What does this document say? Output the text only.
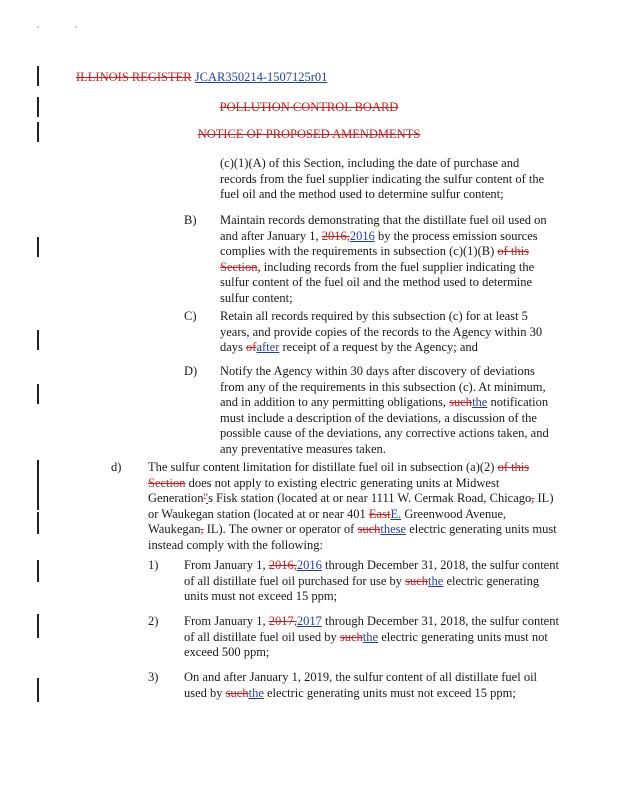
ILLINOIS REGISTER JCAR350214-1507125r01
POLLUTION CONTROL BOARD
NOTICE OF PROPOSED AMENDMENTS
(c)(1)(A) of this Section, including the date of purchase and
records from the fuel supplier indicating the sulfur content of the
fuel oil and the method used to determine sulfur content;
B) Maintain records demonstrating that the distillate fuel oil used on
and after January 1, 2016,2016 by the process emission sources
complies with the requirements in subsection (c)(1)(B) of this
Section, including records from the fuel supplier indicating the
sulfur content of the fuel oil and the method used to determine
sulfur content;
C) Retain all records required by this subsection (c) for at least 5
years, and provide copies of the records to the Agency within 30
days ofafter receipt of a request by the Agency; and
D) Notify the Agency within 30 days after discovery of deviations
from any of the requirements in this subsection (c). At minimum,
and in addition to any permitting obligations, suchthe notification
must include a description of the deviations, a discussion of the
possible cause of the deviations, any corrective actions taken, and
any preventative measures taken.
d) The sulfur content limitation for distillate fuel oil in subsection (a)(2) of this
Section does not apply to existing electric generating units at Midwest
Generation''s Fisk station (located at or near 1111 W. Cermak Road, Chicago, IL)
or Waukegan station (located at or near 401 EastE. Greenwood Avenue,
Waukegan, IL). The owner or operator of suchthese electric generating units must
instead comply with the following:
1) From January 1, 2016,2016 through December 31, 2018, the sulfur content
of all distillate fuel oil purchased for use by suchthe electric generating
units must not exceed 15 ppm;
2) From January 1, 2017,2017 through December 31, 2018, the sulfur content
of all distillate fuel oil used by suchthe electric generating units must not
exceed 500 ppm;
3) On and after January 1, 2019, the sulfur content of all distillate fuel oil
used by suchthe electric generating units must not exceed 15 ppm;
